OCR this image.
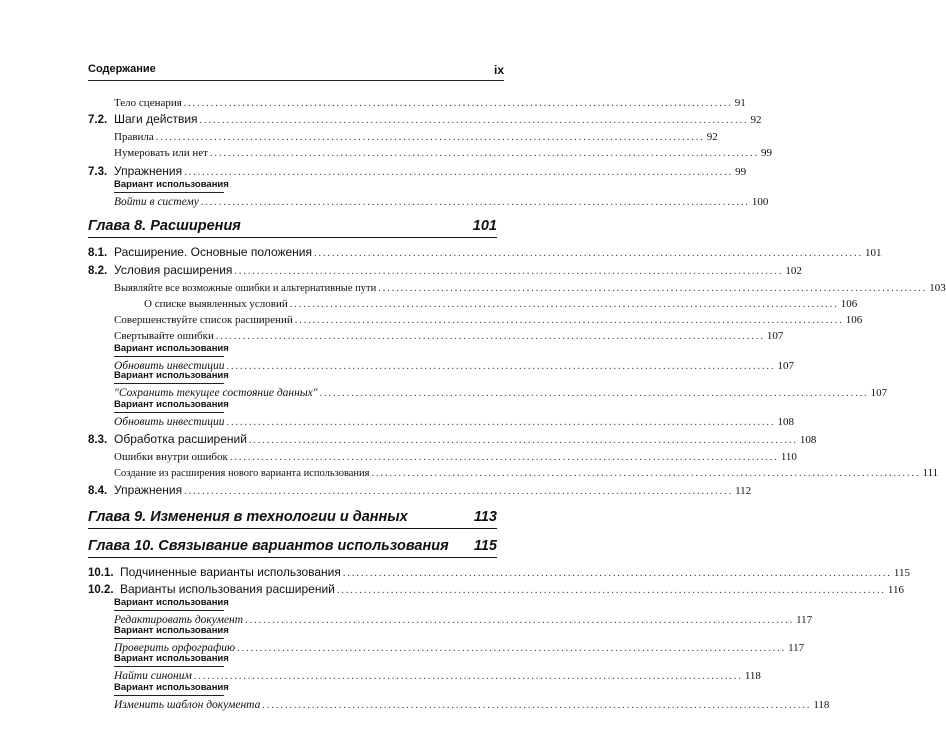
Содержание	ix
Тело сценария .......................................................................................................................... 91
7.2. Шаги действия .......................................................................................................................... 92
Правила .......................................................................................................................... 92
Нумеровать или нет .......................................................................................................................... 99
7.3. Упражнения .......................................................................................................................... 99
Вариант использования
Войти в систему .......................................................................................................................... 100
Глава 8. Расширения	101
8.1. Расширение. Основные положения .......................................................................................................................... 101
8.2. Условия расширения .......................................................................................................................... 102
Выявляйте все возможные ошибки и альтернативные пути .......................................................................................................................... 103
О списке выявленных условий .......................................................................................................................... 106
Совершенствуйте список расширений .......................................................................................................................... 106
Свертывайте ошибки .......................................................................................................................... 107
Вариант использования
Обновить инвестиции .......................................................................................................................... 107
Вариант использования
"Сохранить текущее состояние данных" .......................................................................................................................... 107
Вариант использования
Обновить инвестиции .......................................................................................................................... 108
8.3. Обработка расширений .......................................................................................................................... 108
Ошибки внутри ошибок .......................................................................................................................... 110
Создание из расширения нового варианта использования .......................................................................................................................... 111
8.4. Упражнения .......................................................................................................................... 112
Глава 9. Изменения в технологии и данных	113
Глава 10. Связывание вариантов использования 115
10.1. Подчиненные варианты использования .......................................................................................................................... 115
10.2. Варианты использования расширений .......................................................................................................................... 116
Вариант использования
Редактировать документ .......................................................................................................................... 117
Вариант использования
Проверить орфографию .......................................................................................................................... 117
Вариант использования
Найти синоним .......................................................................................................................... 118
Вариант использования
Изменить шаблон документа .......................................................................................................................... 118
